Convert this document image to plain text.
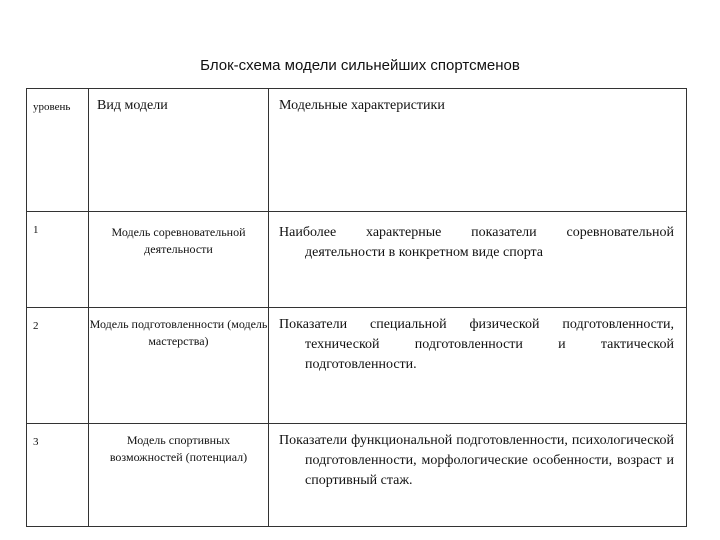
Блок-схема модели сильнейших спортсменов
уровень	Вид модели	Модельные характеристики
1	Модель соревновательной деятельности	Наиболее характерные показатели соревновательной деятельности в конкретном виде спорта
2	Модель подготовленности (модель мастерства)	Показатели специальной физической подготовленности, технической подготовленности и тактической подготовленности.
3	Модель спортивных возможностей (потенциал)	Показатели функциональной подготовленности, психологической подготовленности, морфологические особенности, возраст и спортивный стаж.
